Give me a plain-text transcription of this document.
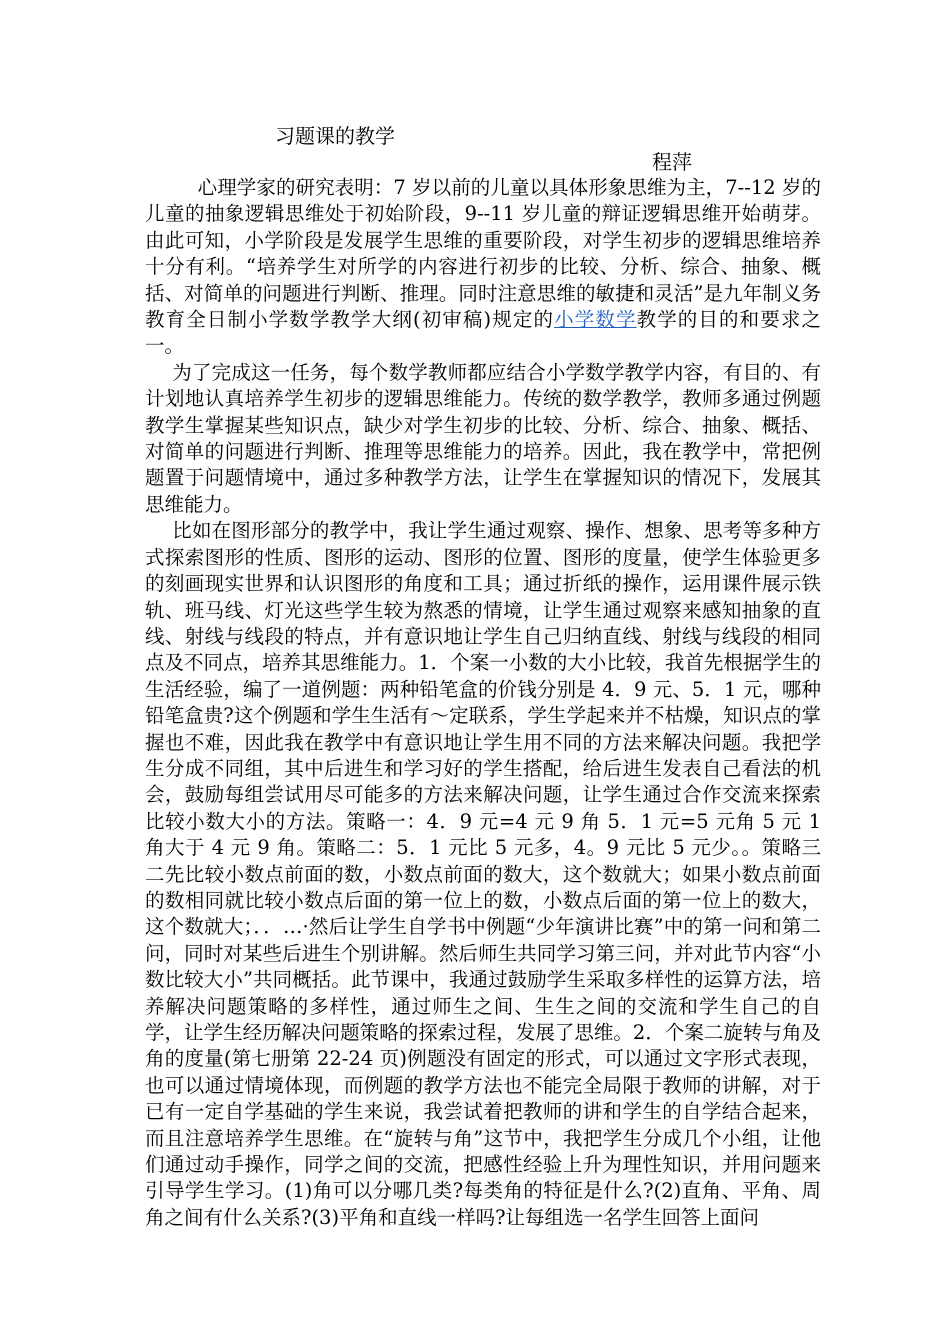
习题课的教学
程萍

心理学家的研究表明：7 岁以前的儿童以具体形象思维为主，7--12 岁的儿童的抽象逻辑思维处于初始阶段，9--11 岁儿童的辩证逻辑思维开始萌芽。由此可知，小学阶段是发展学生思维的重要阶段，对学生初步的逻辑思维培养十分有利。“培养学生对所学的内容进行初步的比较、分析、综合、抽象、概括、对简单的问题进行判断、推理。同时注意思维的敏捷和灵活”是九年制义务教育全日制小学数学教学大纲(初审稿)规定的小学数学教学的目的和要求之一。

为了完成这一任务，每个数学教师都应结合小学数学教学内容，有目的、有计划地认真培养学生初步的逻辑思维能力。传统的数学教学，教师多通过例题教学生掌握某些知识点，缺少对学生初步的比较、分析、综合、抽象、概括、对简单的问题进行判断、推理等思维能力的培养。因此，我在教学中，常把例题置于问题情境中，通过多种教学方法，让学生在掌握知识的情况下，发展其思维能力。

比如在图形部分的教学中，我让学生通过观察、操作、想象、思考等多种方式探索图形的性质、图形的运动、图形的位置、图形的度量，使学生体验更多的刻画现实世界和认识图形的角度和工具；通过折纸的操作，运用课件展示铁轨、班马线、灯光这些学生较为熬悉的情境，让学生通过观察来感知抽象的直线、射线与线段的特点，并有意识地让学生自己归纳直线、射线与线段的相同点及不同点，培养其思维能力。1．个案一小数的大小比较，我首先根据学生的生活经验，编了一道例题：两种铅笔盒的价钱分别是 4．9 元、5．1 元，哪种铅笔盒贵?这个例题和学生生活有～定联系，学生学起来并不枯燥，知识点的掌握也不难，因此我在教学中有意识地让学生用不同的方法来解决问题。我把学生分成不同组，其中后进生和学习好的学生搭配，给后进生发表自己看法的机会，鼓励每组尝试用尽可能多的方法来解决问题，让学生通过合作交流来探索比较小数大小的方法。策略一：4．9 元=4 元 9 角 5．1 元=5 元角 5 元 1 角大于 4 元 9 角。策略二：5．1 元比 5 元多，4。9 元比 5 元少。。策略三二先比较小数点前面的数，小数点前面的数大，这个数就大；如果小数点前面的数相同就比较小数点后面的第一位上的数，小数点后面的第一位上的数大，这个数就大；．．…·然后让学生自学书中例题“少年演讲比赛”中的第一问和第二问，同时对某些后进生个别讲解。然后师生共同学习第三问，并对此节内容“小数比较大小”共同概括。此节课中，我通过鼓励学生采取多样性的运算方法，培养解决问题策略的多样性，通过师生之间、生生之间的交流和学生自己的自学，让学生经历解决问题策略的探索过程，发展了思维。2．个案二旋转与角及角的度量(第七册第 22-24 页)例题没有固定的形式，可以通过文字形式表现，也可以通过情境体现，而例题的教学方法也不能完全局限于教师的讲解，对于已有一定自学基础的学生来说，我尝试着把教师的讲和学生的自学结合起来，而且注意培养学生思维。在“旋转与角”这节中，我把学生分成几个小组，让他们通过动手操作，同学之间的交流，把感性经验上升为理性知识，并用问题来引导学生学习。(1)角可以分哪几类?每类角的特征是什么?(2)直角、平角、周角之间有什么关系?(3)平角和直线一样吗?让每组选一名学生回答上面问
